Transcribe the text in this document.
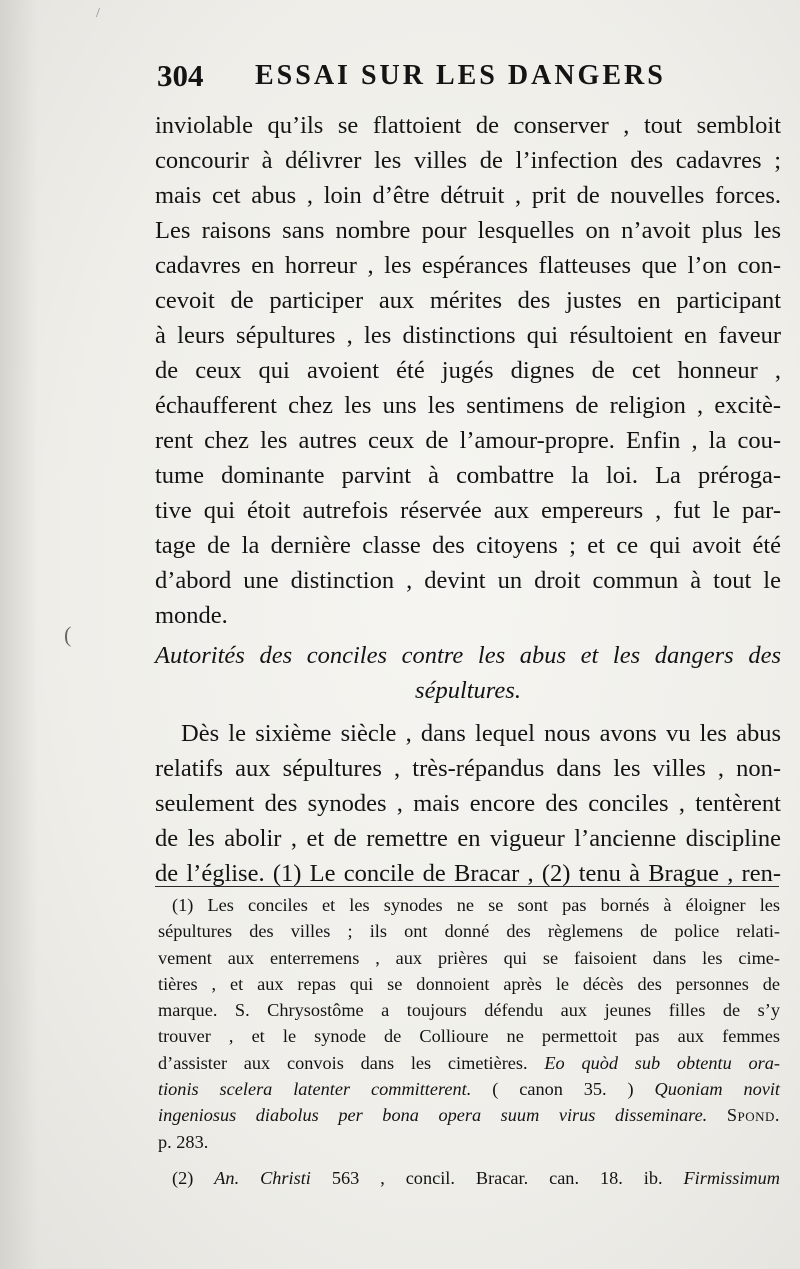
/
(
304 ESSAI SUR LES DANGERS
inviolable qu’ils se flattoient de conserver , tout sembloit
concourir à délivrer les villes de l’infection des cadavres ;
mais cet abus , loin d’être détruit , prit de nouvelles forces.
Les raisons sans nombre pour lesquelles on n’avoit plus les
cadavres en horreur , les espérances flatteuses que l’on con-
cevoit de participer aux mérites des justes en participant
à leurs sépultures , les distinctions qui résultoient en faveur
de ceux qui avoient été jugés dignes de cet honneur ,
échaufferent chez les uns les sentimens de religion , excitè-
rent chez les autres ceux de l’amour-propre. Enfin , la cou-
tume dominante parvint à combattre la loi. La préroga-
tive qui étoit autrefois réservée aux empereurs , fut le par-
tage de la dernière classe des citoyens ; et ce qui avoit été
d’abord une distinction , devint un droit commun à tout le
monde.
Autorités des conciles contre les abus et les dangers des
sépultures.
Dès le sixième siècle , dans lequel nous avons vu les abus
relatifs aux sépultures , très-répandus dans les villes , non-
seulement des synodes , mais encore des conciles , tentèrent
de les abolir , et de remettre en vigueur l’ancienne discipline
de l’église. (1) Le concile de Bracar , (2) tenu à Brague , ren-
(1) Les conciles et les synodes ne se sont pas bornés à éloigner les
sépultures des villes ; ils ont donné des règlemens de police relati-
vement aux enterremens , aux prières qui se faisoient dans les cime-
tières , et aux repas qui se donnoient après le décès des personnes de
marque. S. Chrysostôme a toujours défendu aux jeunes filles de s’y
trouver , et le synode de Collioure ne permettoit pas aux femmes
d’assister aux convois dans les cimetières. Eo quòd sub obtentu ora-
tionis scelera latenter committerent. ( canon 35. ) Quoniam novit
ingeniosus diabolus per bona opera suum virus disseminare. Spond.
p. 283.
(2) An. Christi 563 , concil. Bracar. can. 18. ib. Firmissimum
